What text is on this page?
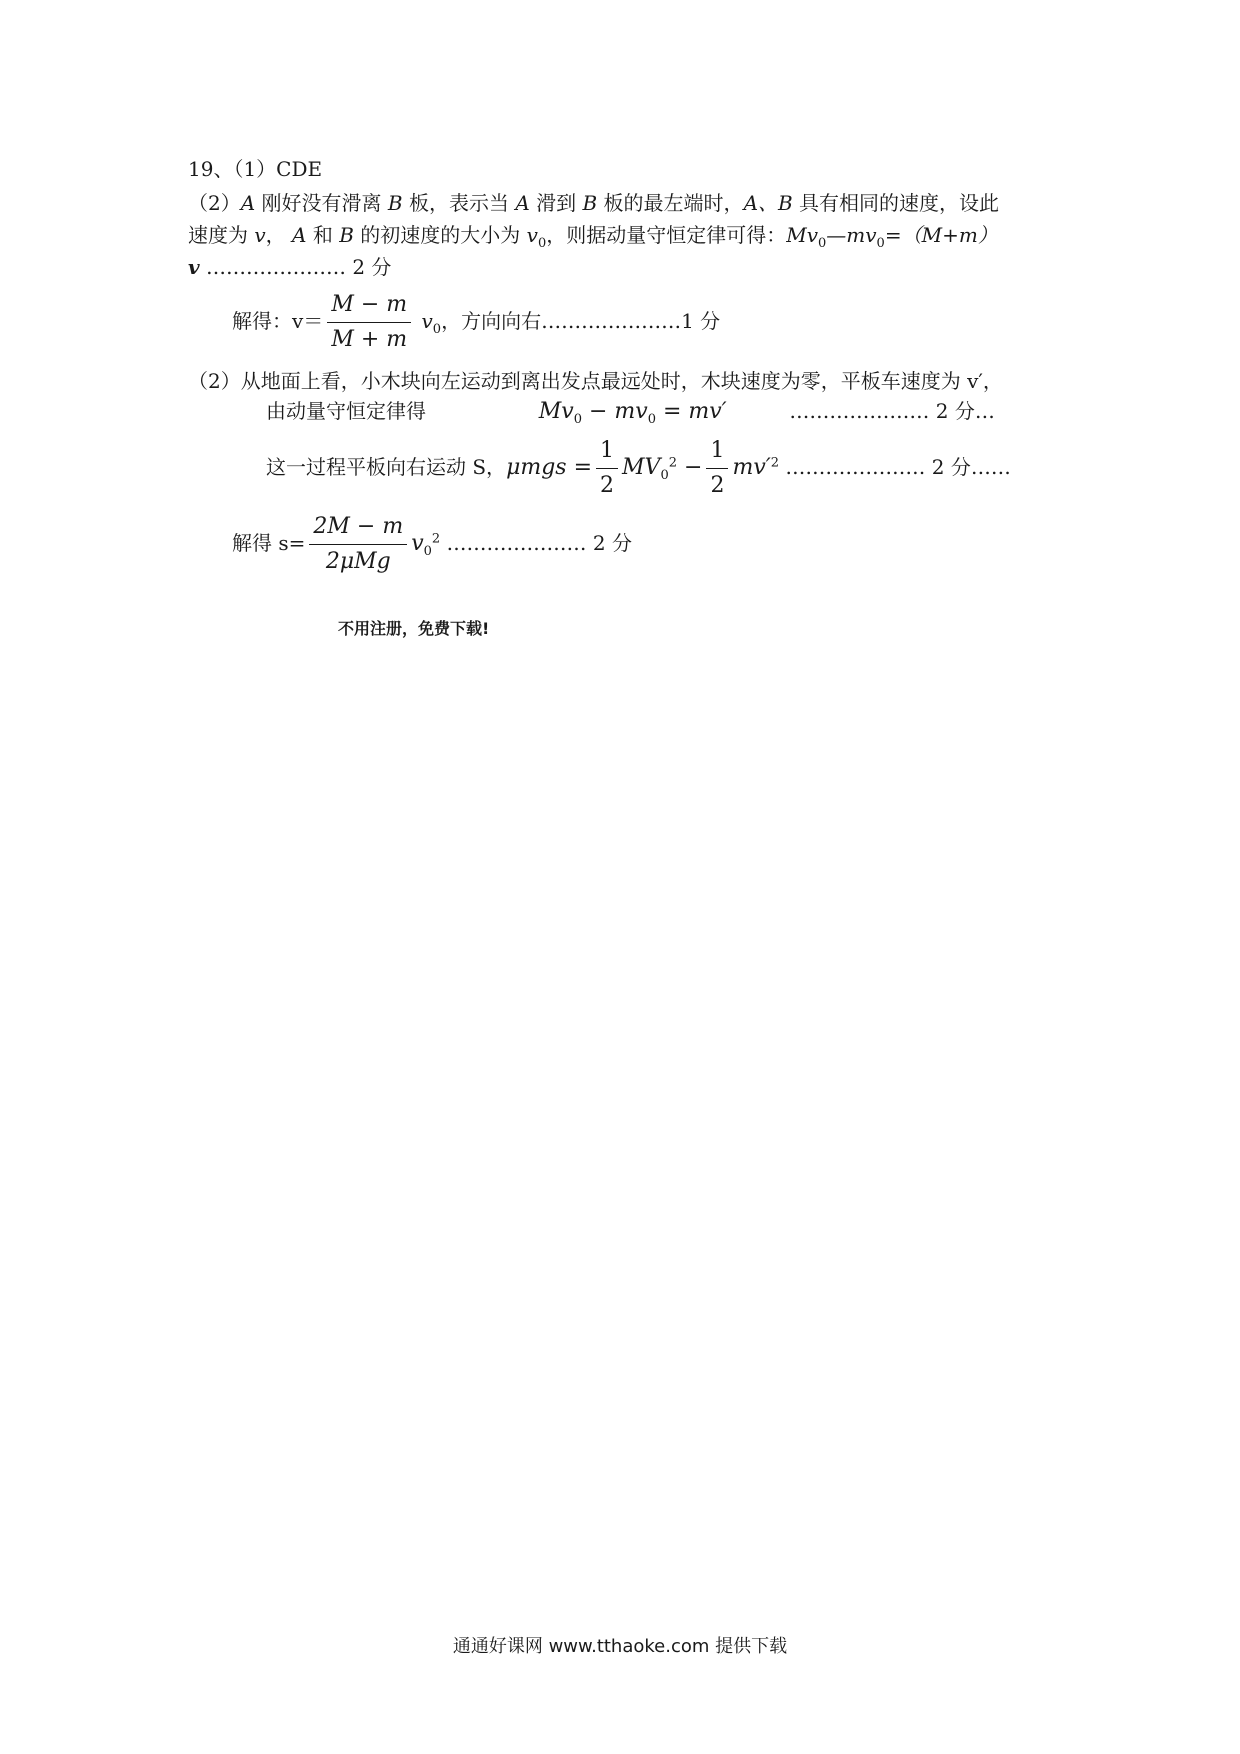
19、（1）CDE
（2）A 刚好没有滑离 B 板，表示当 A 滑到 B 板的最左端时，A、B 具有相同的速度，设此
速度为 v， A 和 B 的初速度的大小为 $v_0$，则据动量守恒定律可得：$Mv_0—mv_0=(M+m)$
v ………………… 2 分
解得：$v= \frac{M - m}{M + m} v_0$，方向向右…………………1 分
（2）从地面上看，小木块向左运动到离出发点最远处时，木块速度为零，平板车速度为 v′，
由动量守恒定律得	$Mv_0 - mv_0 = mv'$	………………… 2 分…
这一过程平板向右运动 S，$\mu mgs = \frac{1}{2} MV_0^2 - \frac{1}{2} mv'^2$ ………………… 2 分……
解得 $s= \frac{2M - m}{\text{2μMg}} v_0^2$ ………………… 2 分
不用注册，免费下载!
通通好课网 www.tthaoke.com 提供下载
